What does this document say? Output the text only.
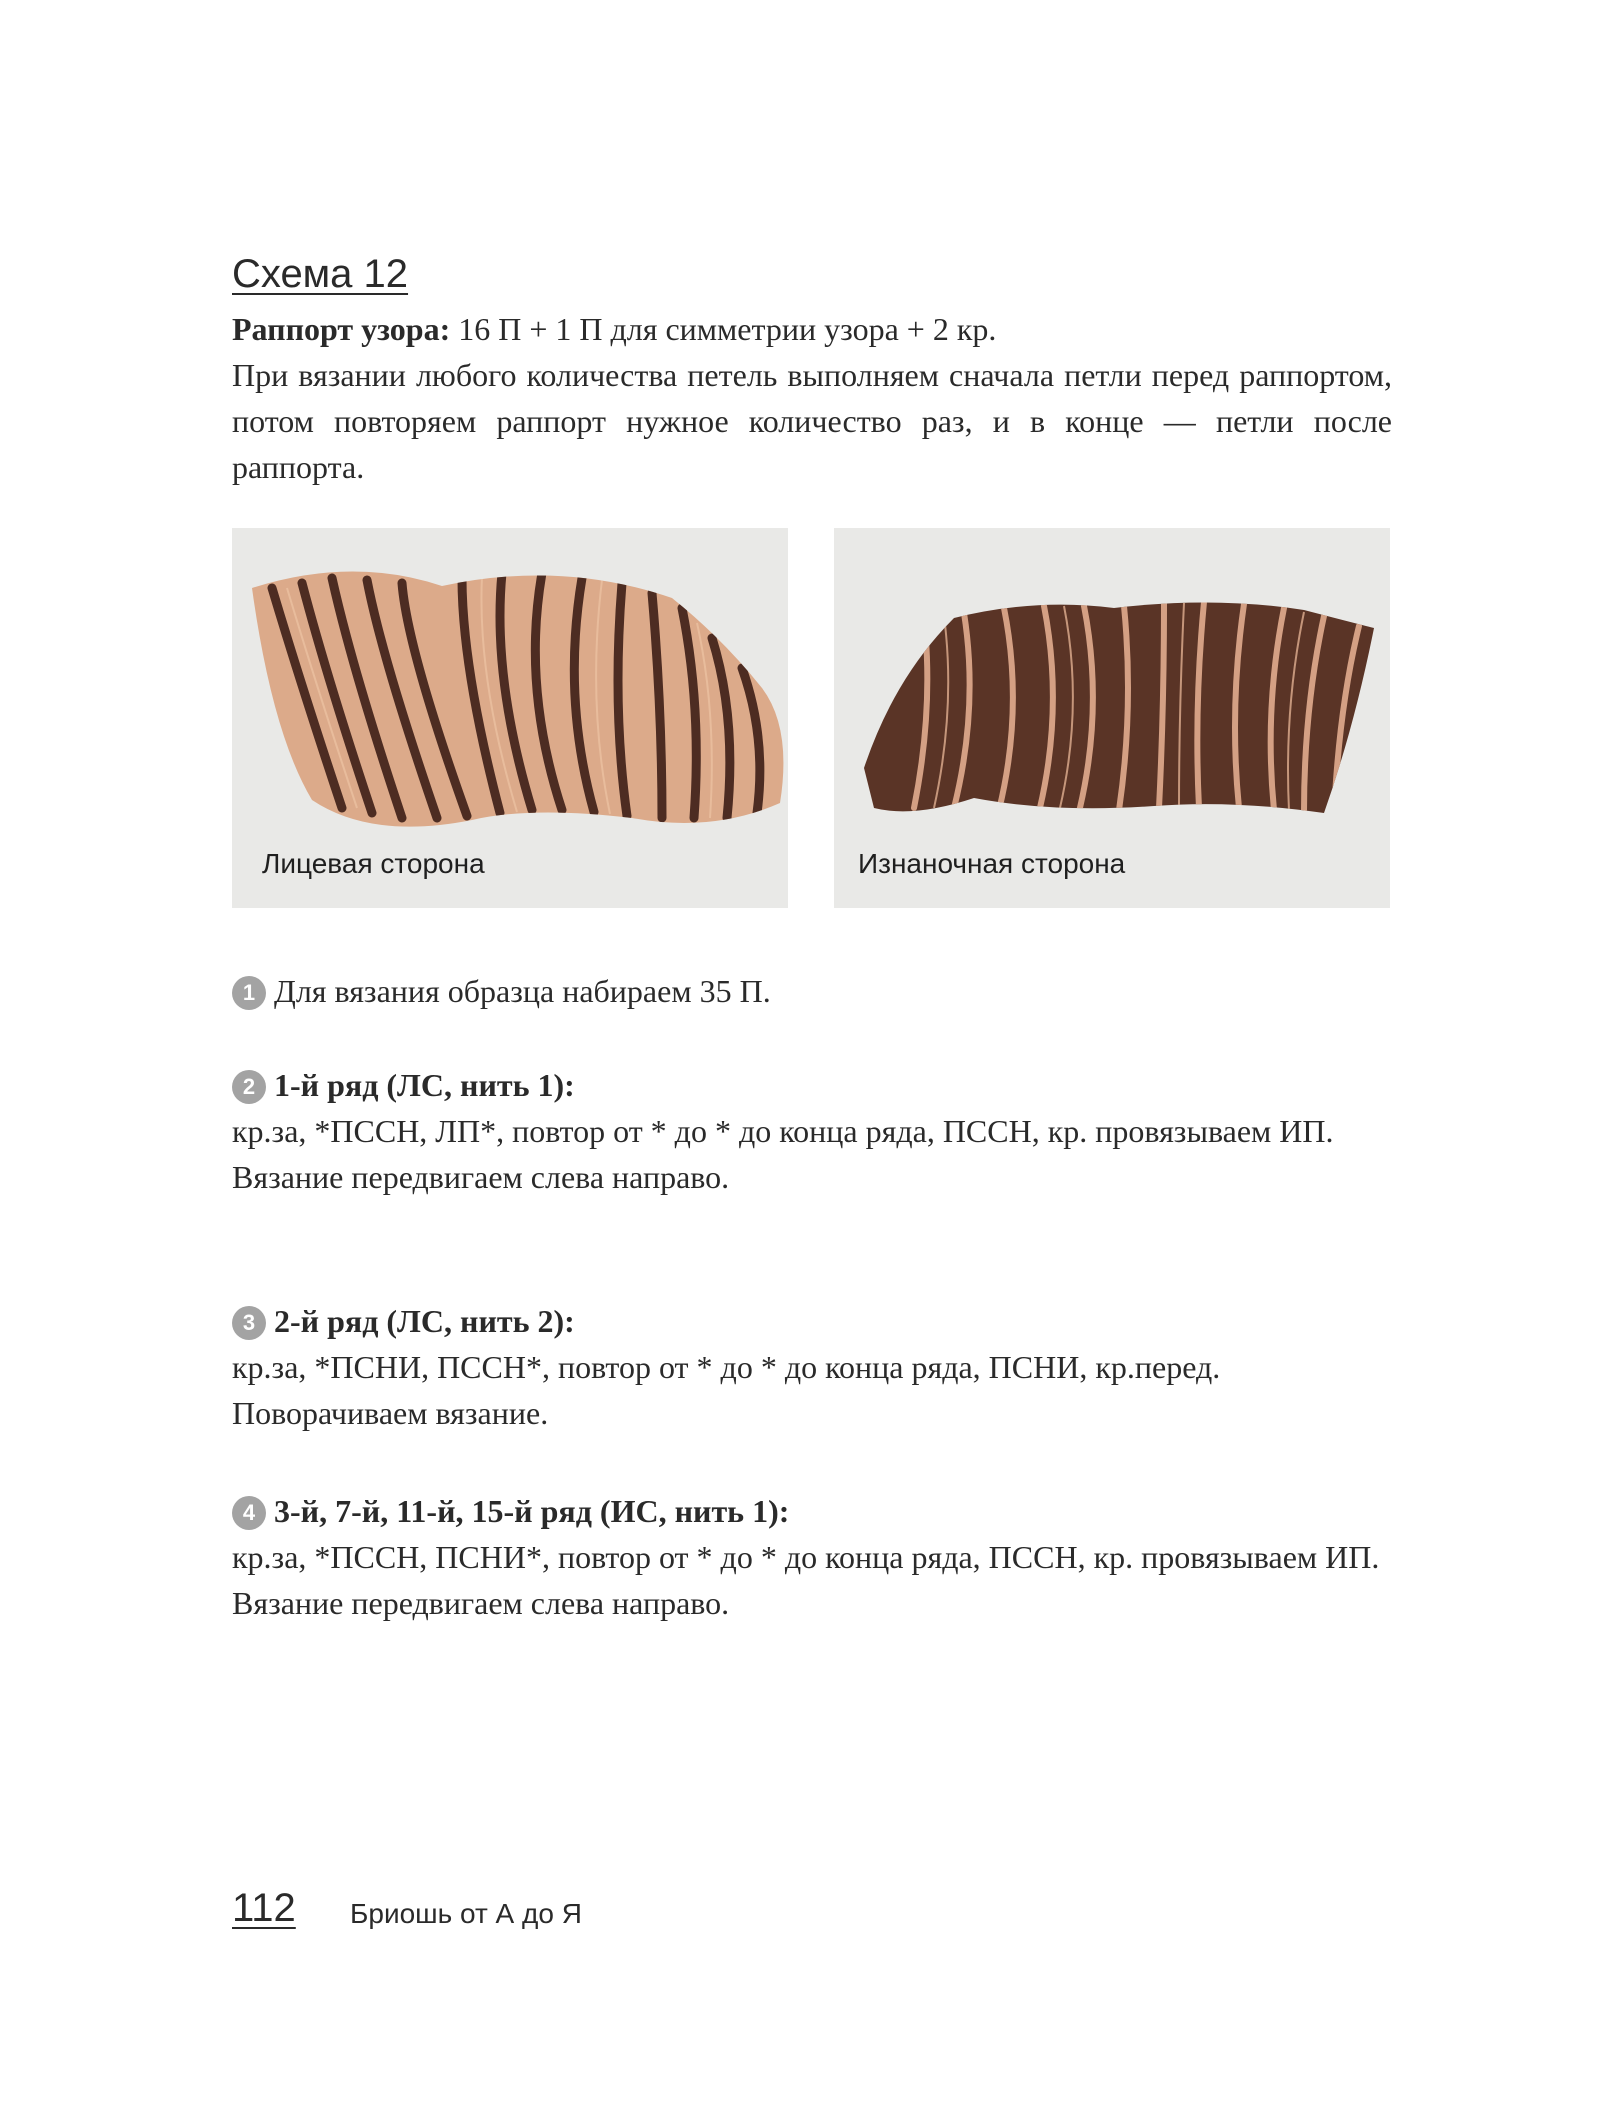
Схема 12

Раппорт узора: 16 П + 1 П для симметрии узора + 2 кр.

При вязании любого количества петель выполняем сначала петли перед раппортом, потом повторяем раппорт нужное количество раз, и в конце — петли после раппорта.

Лицевая сторона	Изнаночная сторона
1 Для вязания образца набираем 35 П.
2 1-й ряд (ЛС, нить 1):
кр.за, *ПССН, ЛП*, повтор от * до * до конца ряда, ПССН, кр. провязываем ИП.
Вязание передвигаем слева направо.
3 2-й ряд (ЛС, нить 2):
кр.за, *ПСНИ, ПССН*, повтор от * до * до конца ряда, ПСНИ, кр.перед.
Поворачиваем вязание.
4 3-й, 7-й, 11-й, 15-й ряд (ИС, нить 1):
кр.за, *ПССН, ПСНИ*, повтор от * до * до конца ряда, ПССН, кр. провязываем ИП.
Вязание передвигаем слева направо.
112 Бриошь от А до Я
